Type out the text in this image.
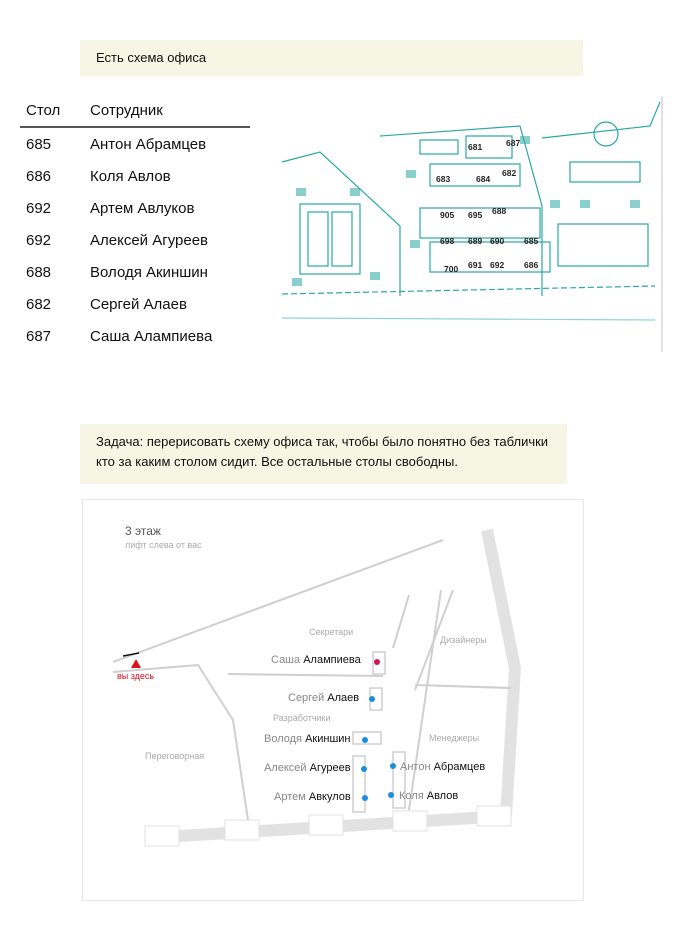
Есть схема офиса
Стол	Сотрудник
685	Антон Абрамцев
686	Коля Авлов
692	Артем Авлуков
692	Алексей Агуреев
688	Володя Акиншин
682	Сергей Алаев
687	Саша Алампиева
681	687
683	684
682
905 695 688
698 689 690 685
700 691 692 686
Задача: перерисовать схему офиса так, чтобы было понятно без таблички кто за каким столом сидит. Все остальные столы свободны.
3 этаж
лифт слева от вас
вы здесь
Секретари
Дизайнеры
Разработчики
Менеджеры
Переговорная
Саша Алампиева
Сергей Алаев
Володя Акиншин
Алексей Агуреев
Артем Авкулов
Антон Абрамцев
Коля Авлов
